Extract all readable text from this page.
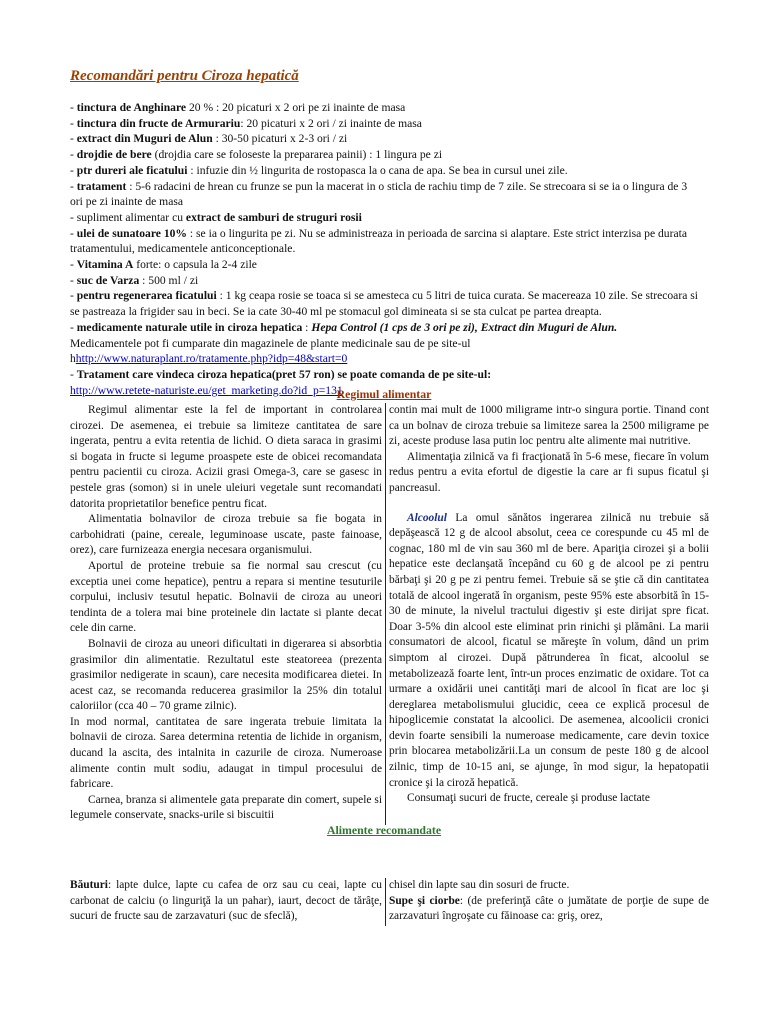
Recomandări pentru Ciroza hepatică
- tinctura de Anghinare 20 % : 20 picaturi x 2 ori pe zi inainte de masa
- tinctura din fructe de Armurariu: 20 picaturi x 2 ori / zi inainte de masa
- extract din Muguri de Alun : 30-50 picaturi x 2-3 ori / zi
- drojdie de bere (drojdia care se foloseste la prepararea painii) : 1 lingura pe zi
- ptr dureri ale ficatului : infuzie din ½ lingurita de rostopasca la o cana de apa. Se bea in cursul unei zile.
- tratament : 5-6 radacini de hrean cu frunze se pun la macerat in o sticla de rachiu timp de 7 zile. Se strecoara si se ia o lingura de 3 ori pe zi inainte de masa
- supliment alimentar cu extract de samburi de struguri rosii
- ulei de sunatoare 10% : se ia o lingurita pe zi. Nu se administreaza in perioada de sarcina si alaptare. Este strict interzisa pe durata tratamentului, medicamentele anticonceptionale.
- Vitamina A forte: o capsula la 2-4 zile
- suc de Varza : 500 ml / zi
- pentru regenerarea ficatului : 1 kg ceapa rosie se toaca si se amesteca cu 5 litri de tuica curata. Se macereaza 10 zile. Se strecoara si se pastreaza la frigider sau in beci. Se ia cate 30-40 ml pe stomacul gol dimineata si se sta culcat pe partea dreapta.
- medicamente naturale utile in ciroza hepatica : Hepa Control (1 cps de 3 ori pe zi), Extract din Muguri de Alun.
Medicamentele pot fi cumparate din magazinele de plante medicinale sau de pe site-ul
hhttp://www.naturaplant.ro/tratamente.php?idp=48&start=0
- Tratament care vindeca ciroza hepatica(pret 57 ron) se poate comanda de pe site-ul:
http://www.retete-naturiste.eu/get_marketing.do?id_p=131
Regimul alimentar

Regimul alimentar este la fel de important in controlarea cirozei. De asemenea, ei trebuie sa limiteze cantitatea de sare ingerata, pentru a evita retentia de lichid. O dieta saraca in grasimi si bogata in fructe si legume proaspete este de obicei recomandata pentru pacientii cu ciroza. Acizii grasi Omega-3, care se gasesc in pestele gras (somon) si in unele uleiuri vegetale sunt recomandati datorita proprietatilor benefice pentru ficat.

Alimentatia bolnavilor de ciroza trebuie sa fie bogata in carbohidrati (paine, cereale, leguminoase uscate, paste fainoase, orez), care furnizeaza energia necesara organismului.

Aportul de proteine trebuie sa fie normal sau crescut (cu exceptia unei come hepatice), pentru a repara si mentine tesuturile corpului, inclusiv tesutul hepatic. Bolnavii de ciroza au uneori tendinta de a tolera mai bine proteinele din lactate si plante decat cele din carne.

Bolnavii de ciroza au uneori dificultati in digerarea si absorbtia grasimilor din alimentatie. Rezultatul este steatoreea (prezenta grasimilor nedigerate in scaun), care necesita modificarea dietei. In acest caz, se recomanda reducerea grasimilor la 25% din totalul caloriilor (cca 40 – 70 grame zilnic).

In mod normal, cantitatea de sare ingerata trebuie limitata la bolnavii de ciroza. Sarea determina retentia de lichide in organism, ducand la ascita, des intalnita in cazurile de ciroza. Numeroase alimente contin mult sodiu, adaugat in timpul procesului de fabricare.

Carnea, branza si alimentele gata preparate din comert, supele si legumele conservate, snacks-urile si biscuitii

contin mai mult de 1000 miligrame intr-o singura portie. Tinand cont ca un bolnav de ciroza trebuie sa limiteze sarea la 2500 miligrame pe zi, aceste produse lasa putin loc pentru alte alimente mai nutritive.

Alimentaţia zilnică va fi fracţionată în 5-6 mese, fiecare în volum redus pentru a evita efortul de digestie la care ar fi supus ficatul şi pancreasul.

Alcoolul La omul sănătos ingerarea zilnică nu trebuie să depăşească 12 g de alcool absolut, ceea ce corespunde cu 45 ml de cognac, 180 ml de vin sau 360 ml de bere. Apariţia cirozei şi a bolii hepatice este declanşată începând cu 60 g de alcool pe zi pentru bărbaţi şi 20 g pe zi pentru femei. Trebuie să se ştie că din cantitatea totală de alcool ingerată în organism, peste 95% este absorbită în 15-30 de minute, la nivelul tractului digestiv şi este dirijat spre ficat. Doar 3-5% din alcool este eliminat prin rinichi şi plămâni. La marii consumatori de alcool, ficatul se măreşte în volum, dând un prim simptom al cirozei. După pătrunderea în ficat, alcoolul se metabolizează foarte lent, într-un proces enzimatic de oxidare. Tot ca urmare a oxidării unei cantităţi mari de alcool în ficat are loc şi dereglarea metabolismului glucidic, ceea ce explică procesul de hipoglicemie constatat la alcoolici. De asemenea, alcoolicii cronici devin foarte sensibili la numeroase medicamente, care devin toxice prin blocarea metabolizării.La un consum de peste 180 g de alcool zilnic, timp de 10-15 ani, se ajunge, în mod sigur, la hepatopatii cronice şi la ciroză hepatică.

Consumaţi sucuri de fructe, cereale şi produse lactate

Alimente recomandate

Băuturi: lapte dulce, lapte cu cafea de orz sau cu ceai, lapte cu carbonat de calciu (o linguriţă la un pahar), iaurt, decoct de tărâţe, sucuri de fructe sau de zarzavaturi (suc de sfeclă),

chisel din lapte sau din sosuri de fructe.

Supe şi ciorbe: (de preferinţă câte o jumătate de porţie de supe de zarzavaturi îngroşate cu făinoase ca: griş, orez,
